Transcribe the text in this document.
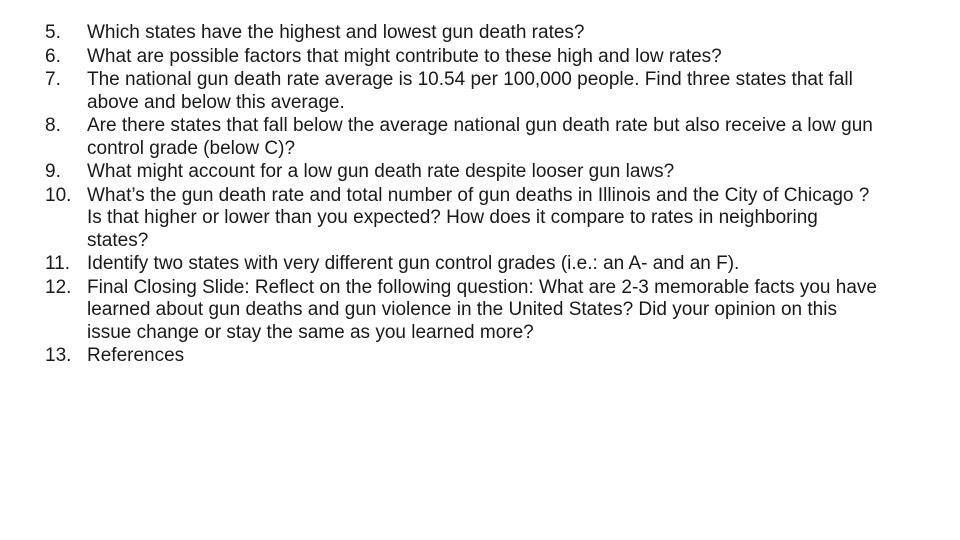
5.	Which states have the highest and lowest gun death rates?
6.	What are possible factors that might contribute to these high and low rates?
7.	The national gun death rate average is 10.54 per 100,000 people. Find three states that fall above and below this average.
8.	Are there states that fall below the average national gun death rate but also receive a low gun control grade (below C)?
9.	What might account for a low gun death rate despite looser gun laws?
10. What’s the gun death rate and total number of gun deaths in Illinois and the City of Chicago ? Is that higher or lower than you expected? How does it compare to rates in neighboring states?
11. Identify two states with very different gun control grades (i.e.: an A- and an F).
12. Final Closing Slide: Reflect on the following question: What are 2-3 memorable facts you have learned about gun deaths and gun violence in the United States? Did your opinion on this issue change or stay the same as you learned more?
13. References
